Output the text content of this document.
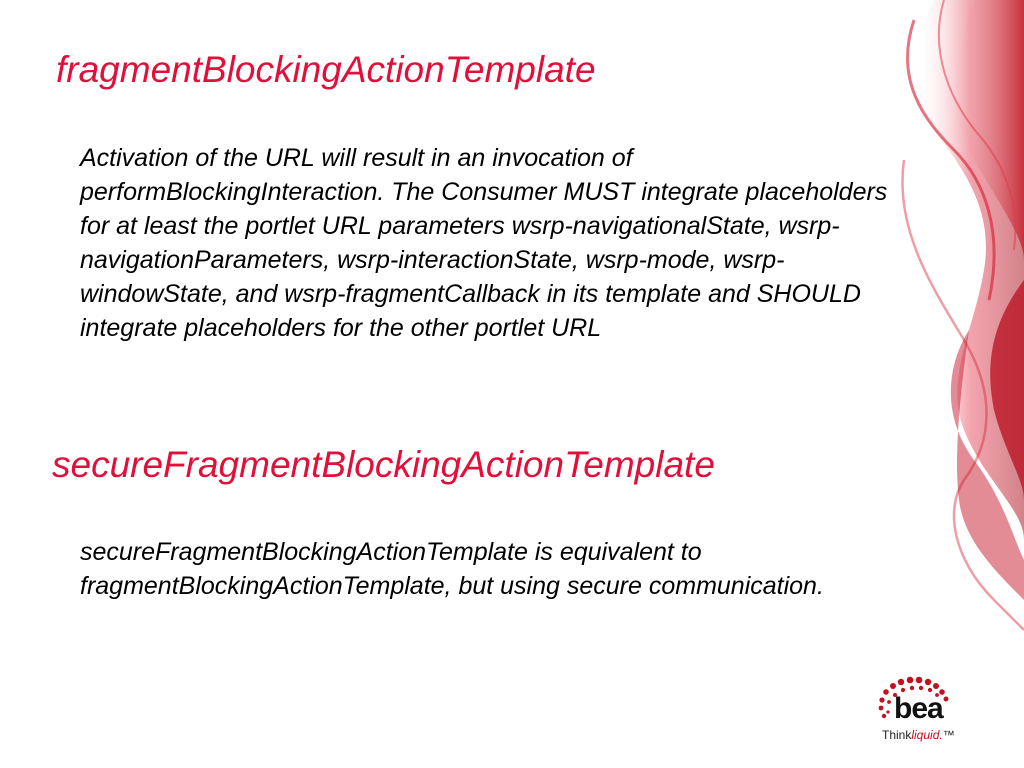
fragmentBlockingActionTemplate

Activation of the URL will result in an invocation of performBlockingInteraction. The Consumer MUST integrate placeholders for at least the portlet URL parameters wsrp-navigationalState, wsrp-navigationParameters, wsrp-interactionState, wsrp-mode, wsrp-windowState, and wsrp-fragmentCallback in its template and SHOULD integrate placeholders for the other portlet URL

secureFragmentBlockingActionTemplate

secureFragmentBlockingActionTemplate is equivalent to fragmentBlockingActionTemplate, but using secure communication.

bea
Thinkliquid.™
